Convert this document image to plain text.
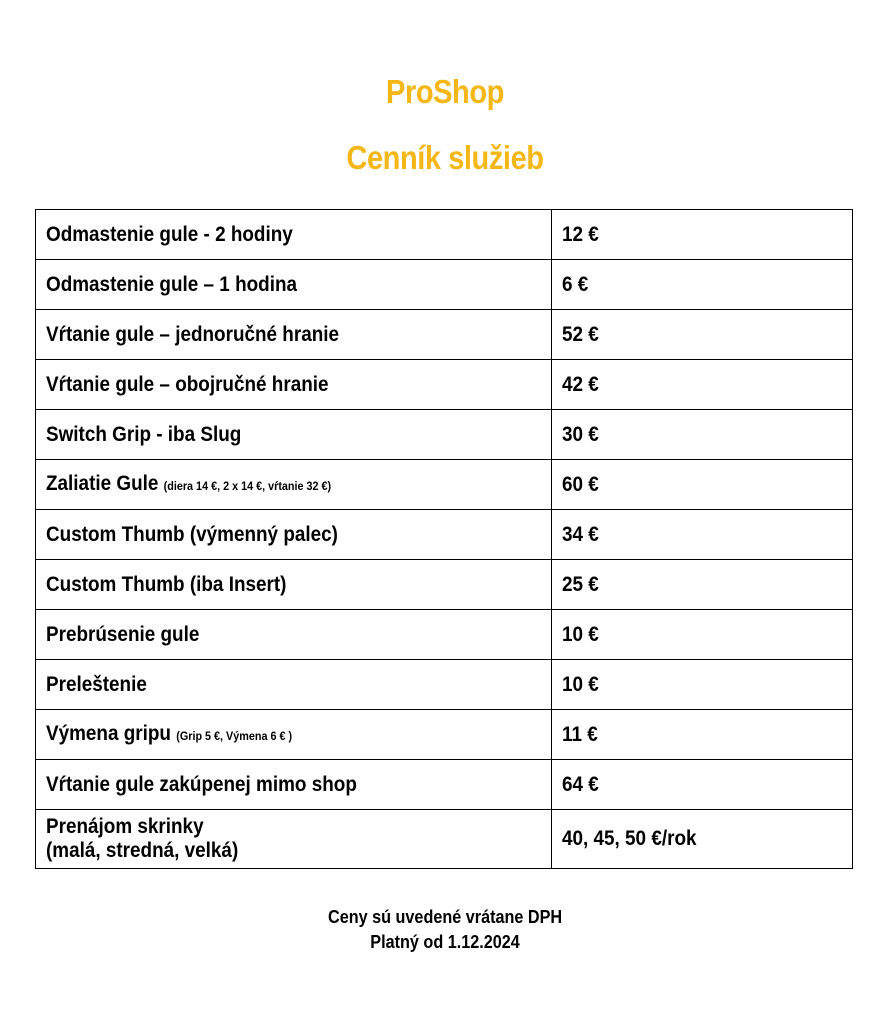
ProShop
Cenník služieb
Odmastenie gule - 2 hodiny	12 €
Odmastenie gule – 1 hodina	6 €
Vŕtanie gule – jednoručné hranie	52 €
Vŕtanie gule – obojručné hranie	42 €
Switch Grip - iba Slug	30 €
Zaliatie Gule (diera 14 €, 2 x 14 €, vŕtanie 32 €)	60 €
Custom Thumb (výmenný palec)	34 €
Custom Thumb (iba Insert)	25 €
Prebrúsenie gule	10 €
Preleštenie	10 €
Výmena gripu (Grip 5 €, Výmena 6 € )	11 €
Vŕtanie gule zakúpenej mimo shop	64 €
Prenájom skrinky
(malá, stredná, velká)	40, 45, 50 €/rok
Ceny sú uvedené vrátane DPH
Platný od 1.12.2024
